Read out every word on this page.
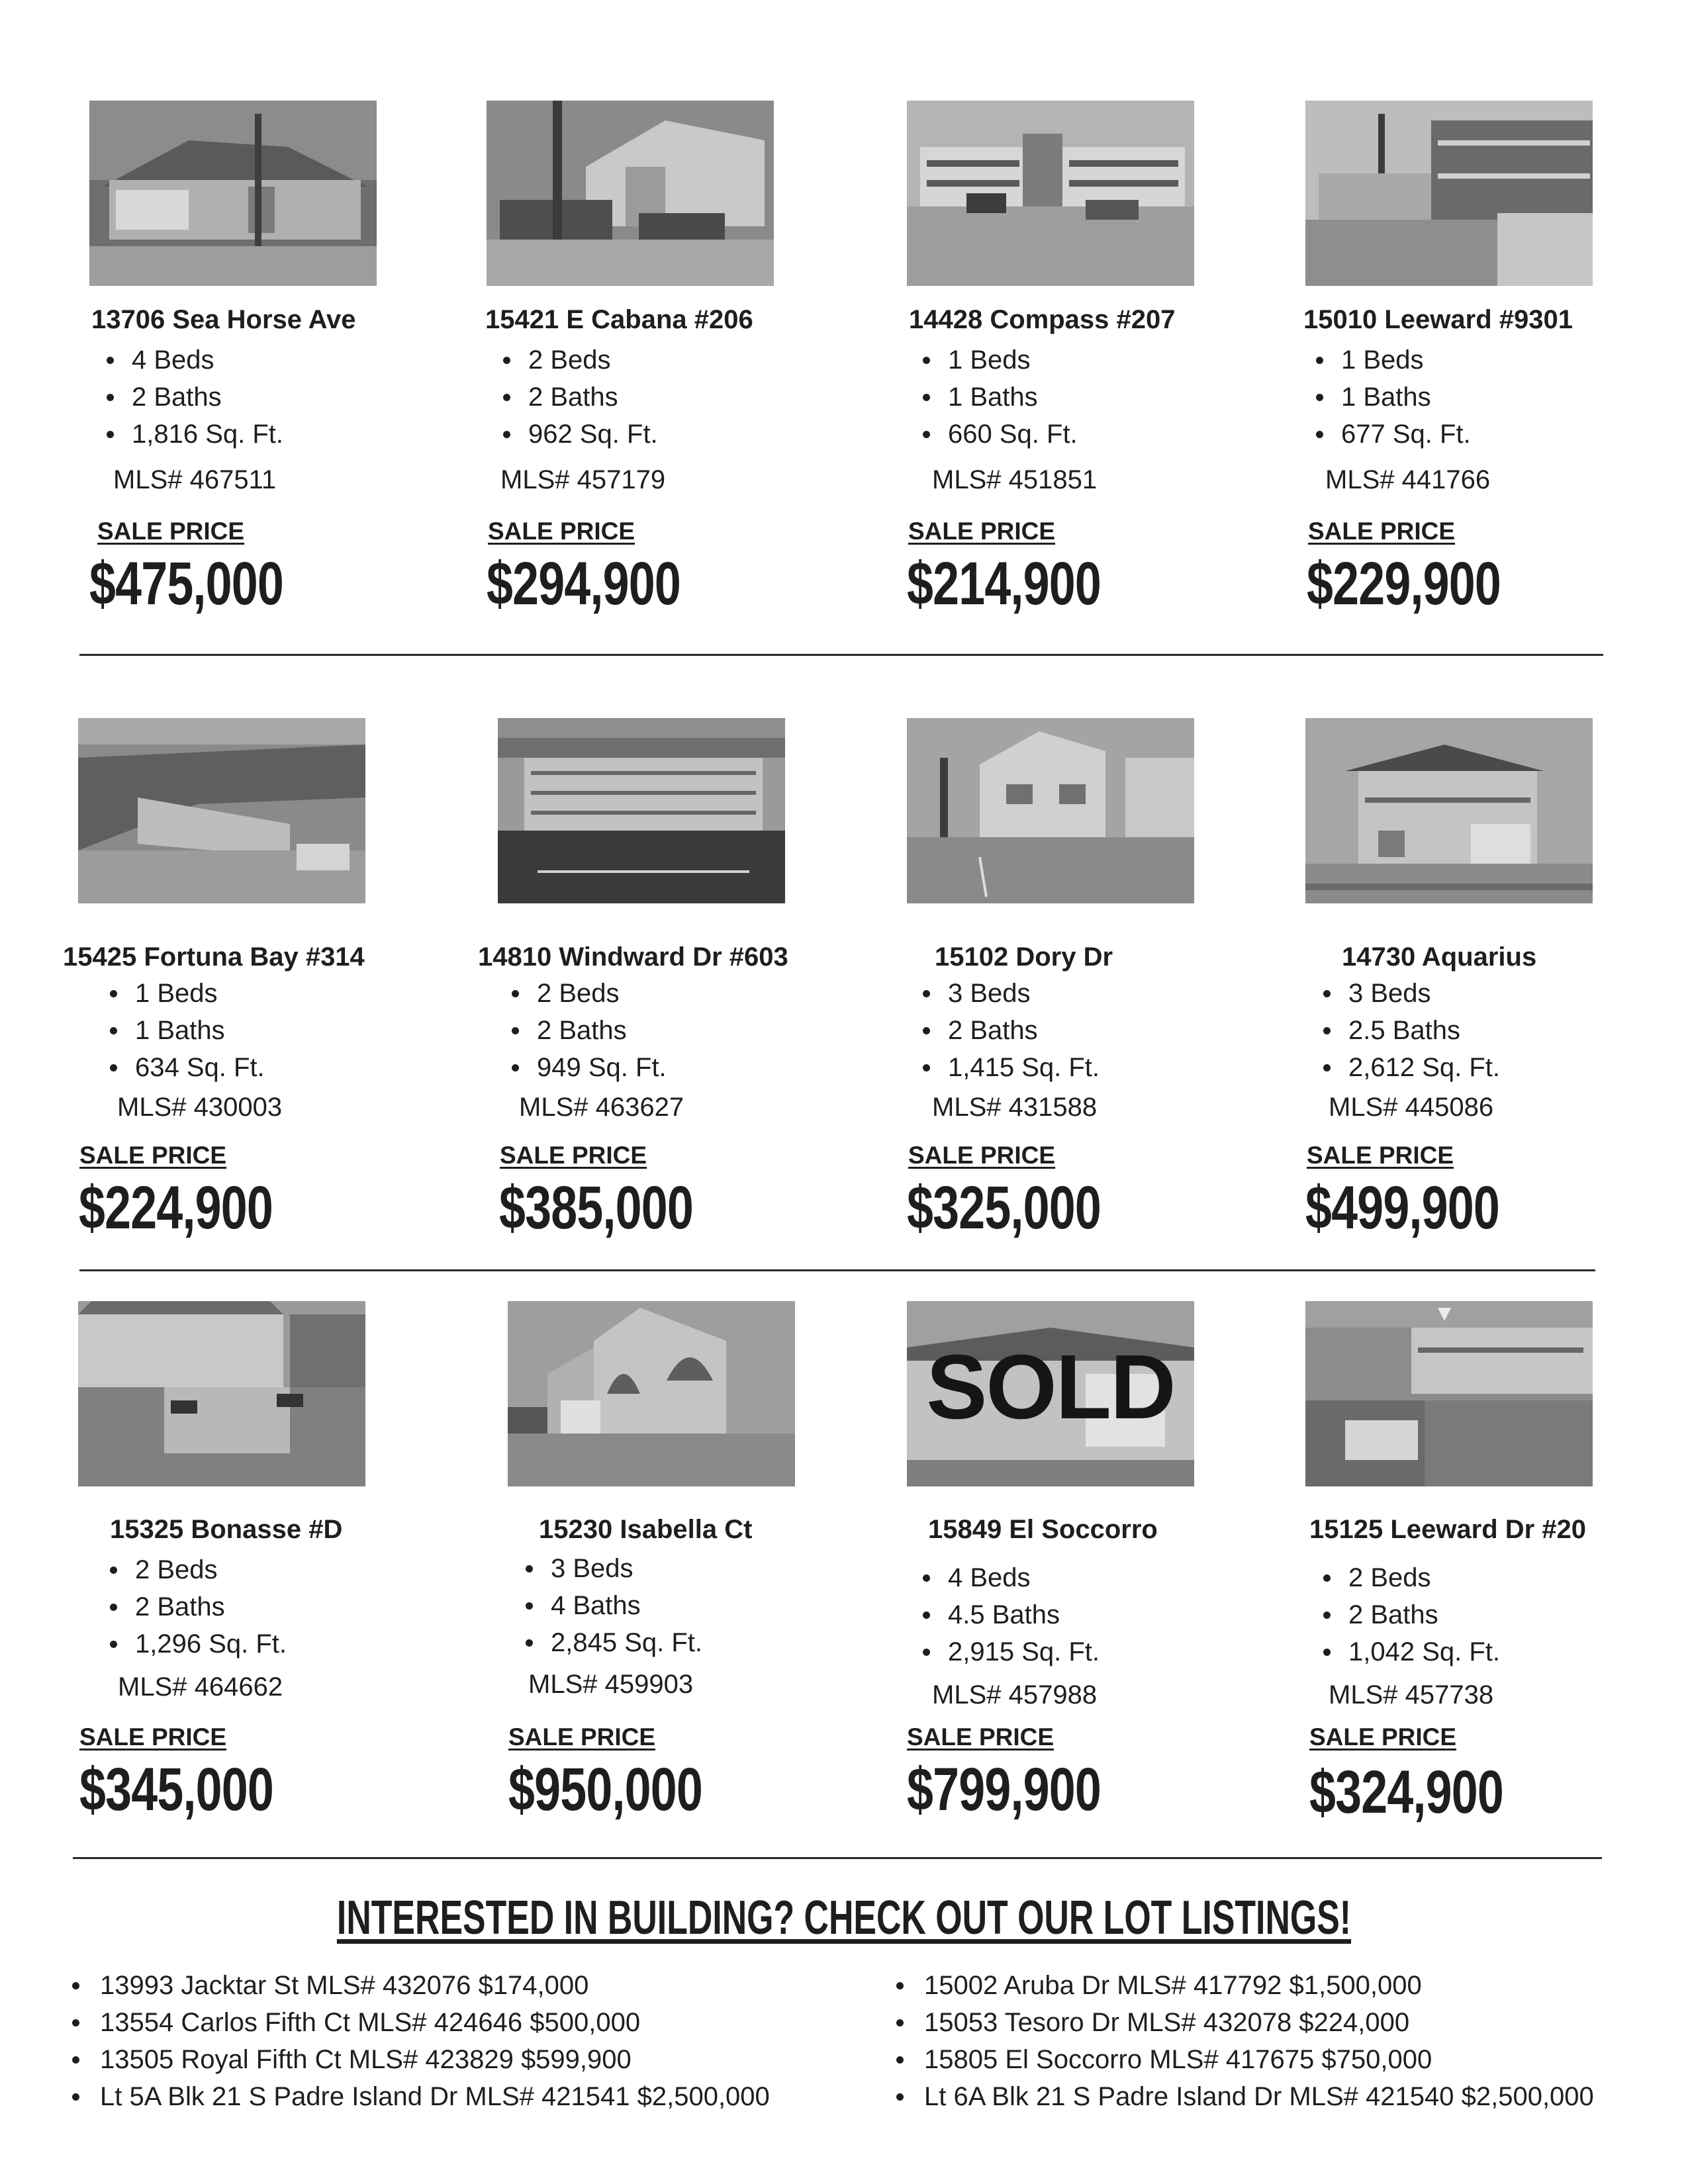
13706 Sea Horse Ave
4 Beds
2 Baths
1,816 Sq. Ft.
MLS# 467511
SALE PRICE
$475,000
15421 E Cabana #206
2 Beds
2 Baths
962 Sq. Ft.
MLS# 457179
SALE PRICE
$294,900
14428 Compass #207
1 Beds
1 Baths
660 Sq. Ft.
MLS# 451851
SALE PRICE
$214,900
15010 Leeward #9301
1 Beds
1 Baths
677 Sq. Ft.
MLS# 441766
SALE PRICE
$229,900
15425 Fortuna Bay #314
1 Beds
1 Baths
634 Sq. Ft.
MLS# 430003
SALE PRICE
$224,900
14810 Windward Dr #603
2 Beds
2 Baths
949 Sq. Ft.
MLS# 463627
SALE PRICE
$385,000
15102 Dory Dr
3 Beds
2 Baths
1,415 Sq. Ft.
MLS# 431588
SALE PRICE
$325,000
14730 Aquarius
3 Beds
2.5 Baths
2,612 Sq. Ft.
MLS# 445086
SALE PRICE
$499,900
15325 Bonasse #D
2 Beds
2 Baths
1,296 Sq. Ft.
MLS# 464662
SALE PRICE
$345,000
15230 Isabella Ct
3 Beds
4 Baths
2,845 Sq. Ft.
MLS# 459903
SALE PRICE
$950,000
SOLD
15849 El Soccorro
4 Beds
4.5 Baths
2,915 Sq. Ft.
MLS# 457988
SALE PRICE
$799,900
15125 Leeward Dr #20
2 Beds
2 Baths
1,042 Sq. Ft.
MLS# 457738
SALE PRICE
$324,900
INTERESTED IN BUILDING? CHECK OUT OUR LOT LISTINGS!
13993 Jacktar St MLS# 432076 $174,000
13554 Carlos Fifth Ct MLS# 424646 $500,000
13505 Royal Fifth Ct MLS# 423829 $599,900
Lt 5A Blk 21 S Padre Island Dr MLS# 421541 $2,500,000
15002 Aruba Dr MLS# 417792 $1,500,000
15053 Tesoro Dr MLS# 432078 $224,000
15805 El Soccorro MLS# 417675 $750,000
Lt 6A Blk 21 S Padre Island Dr MLS# 421540 $2,500,000
